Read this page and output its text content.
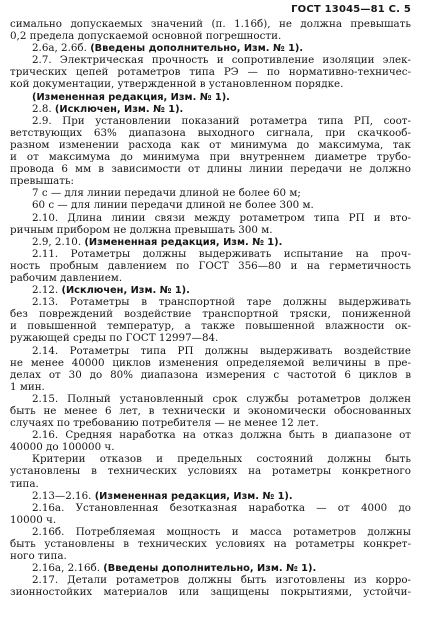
ГОСТ 13045—81 С. 5
симально допускаемых значений (п. 1.16б), не должна превышать
0,2 предела допускаемой основной погрешности.
2.6а, 2.6б. (Введены дополнительно, Изм. № 1).
2.7. Электрическая прочность и сопротивление изоляции элек-
трических цепей ротаметров типа РЭ — по нормативно-техничес-
кой документации, утвержденной в установленном порядке.
(Измененная редакция, Изм. № 1).
2.8. (Исключен, Изм. № 1).
2.9. При установлении показаний ротаметра типа РП, соот-
ветствующих 63% диапазона выходного сигнала, при скачкооб-
разном изменении расхода как от минимума до максимума, так
и от максимума до минимума при внутреннем диаметре трубо-
провода 6 мм в зависимости от длины линии передачи не должно
превышать:
7 с — для линии передачи длиной не более 60 м;
60 с — для линии передачи длиной не более 300 м.
2.10. Длина линии связи между ротаметром типа РП и вто-
ричным прибором не должна превышать 300 м.
2.9, 2.10. (Измененная редакция, Изм. № 1).
2.11. Ротаметры должны выдерживать испытание на проч-
ность пробным давлением по ГОСТ 356—80 и на герметичность
рабочим давлением.
2.12. (Исключен, Изм. № 1).
2.13. Ротаметры в транспортной таре должны выдерживать
без повреждений воздействие транспортной тряски, пониженной
и повышенной температур, а также повышенной влажности ок-
ружающей среды по ГОСТ 12997—84.
2.14. Ротаметры типа РП должны выдерживать воздействие
не менее 40000 циклов изменения определяемой величины в пре-
делах от 30 до 80% диапазона измерения с частотой 6 циклов в
1 мин.
2.15. Полный установленный срок службы ротаметров должен
быть не менее 6 лет, в технически и экономически обоснованных
случаях по требованию потребителя — не менее 12 лет.
2.16. Средняя наработка на отказ должна быть в диапазоне от
40000 до 100000 ч.
Критерии отказов и предельных состояний должны быть
установлены в технических условиях на ротаметры конкретного
типа.
2.13—2.16. (Измененная редакция, Изм. № 1).
2.16а. Установленная безотказная наработка — от 4000 до
10000 ч.
2.16б. Потребляемая мощность и масса ротаметров должны
быть установлены в технических условиях на ротаметры конкрет-
ного типа.
2.16а, 2.16б. (Введены дополнительно, Изм. № 1).
2.17. Детали ротаметров должны быть изготовлены из корро-
зионностойких материалов или защищены покрытиями, устойчи-
